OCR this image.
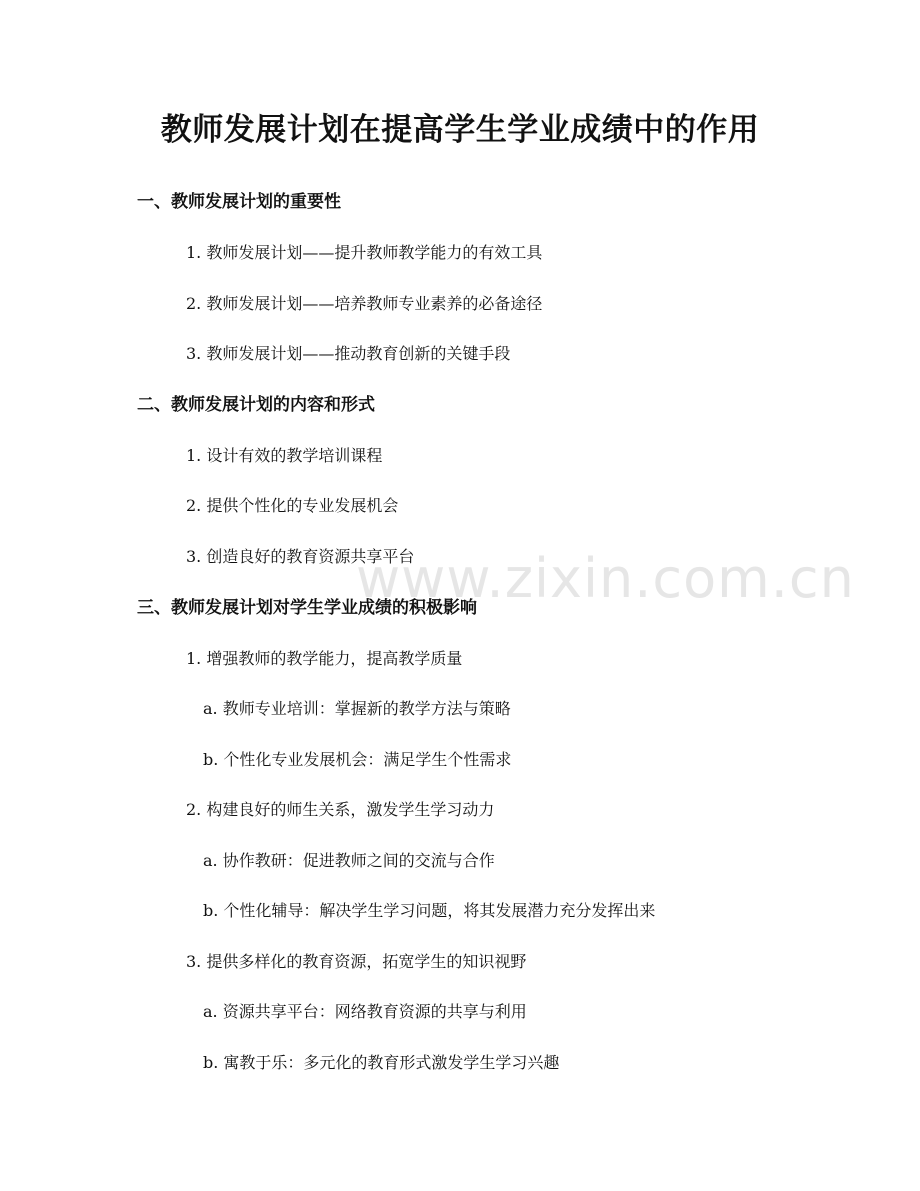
www.zixin.com.cn
教师发展计划在提高学生学业成绩中的作用
一、教师发展计划的重要性
1. 教师发展计划——提升教师教学能力的有效工具
2. 教师发展计划——培养教师专业素养的必备途径
3. 教师发展计划——推动教育创新的关键手段
二、教师发展计划的内容和形式
1. 设计有效的教学培训课程
2. 提供个性化的专业发展机会
3. 创造良好的教育资源共享平台
三、教师发展计划对学生学业成绩的积极影响
1. 增强教师的教学能力，提高教学质量
a. 教师专业培训：掌握新的教学方法与策略
b. 个性化专业发展机会：满足学生个性需求
2. 构建良好的师生关系，激发学生学习动力
a. 协作教研：促进教师之间的交流与合作
b. 个性化辅导：解决学生学习问题，将其发展潜力充分发挥出来
3. 提供多样化的教育资源，拓宽学生的知识视野
a. 资源共享平台：网络教育资源的共享与利用
b. 寓教于乐：多元化的教育形式激发学生学习兴趣
